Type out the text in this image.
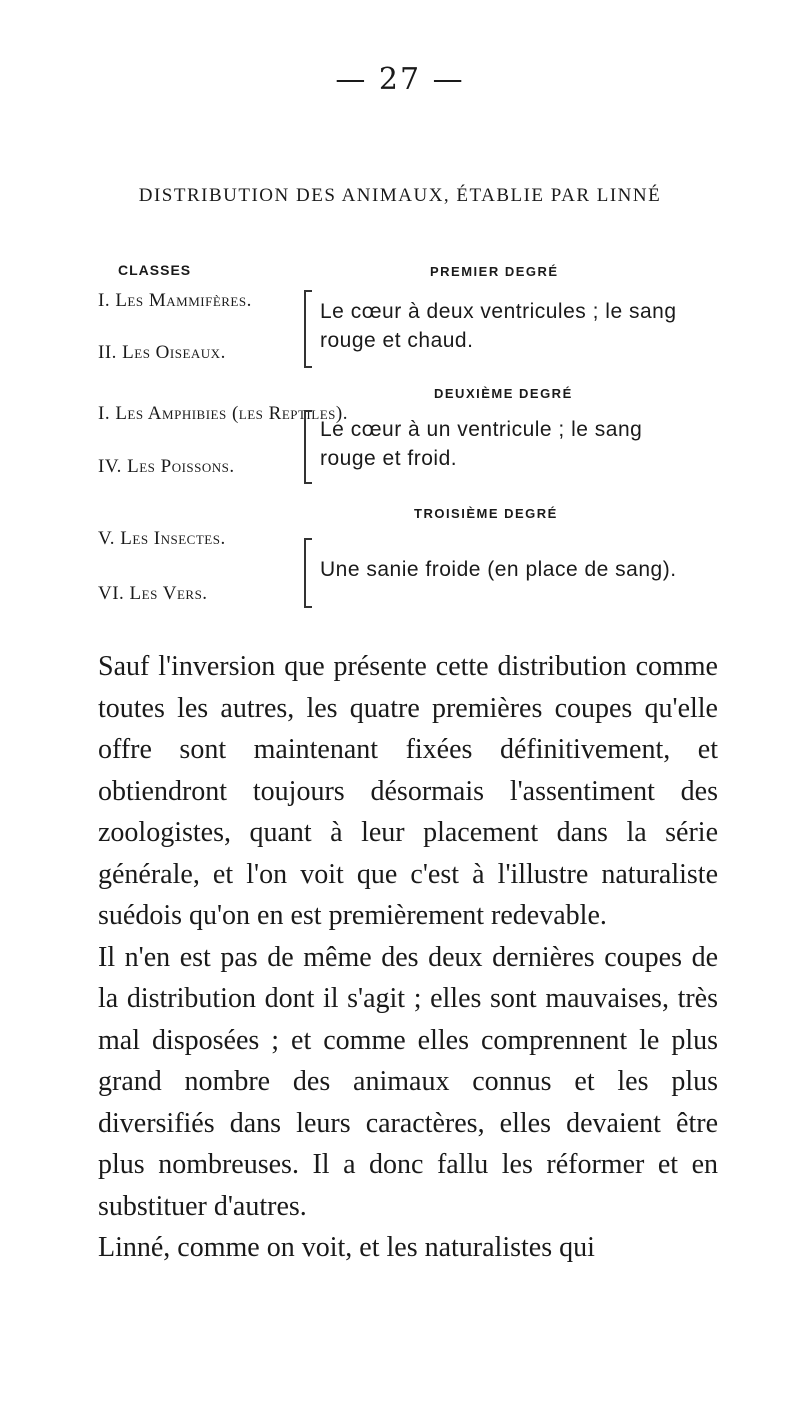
— 27 —
DISTRIBUTION DES ANIMAUX, ÉTABLIE PAR LINNÉ
CLASSES
I. Les Mammifères.
II. Les Oiseaux.
I. Les Amphibies (les Reptiles).
IV. Les Poissons.
V. Les Insectes.
VI. Les Vers.
PREMIER DEGRÉ
Le cœur à deux ventricules ; le sang
rouge et chaud.
DEUXIÈME DEGRÉ
Le cœur à un ventricule ; le sang
rouge et froid.
TROISIÈME DEGRÉ
Une sanie froide (en place de sang).

Sauf l'inversion que présente cette distribution comme toutes les autres, les quatre premières coupes qu'elle offre sont maintenant fixées définitivement, et obtiendront toujours désormais l'assentiment des zoologistes, quant à leur placement dans la série générale, et l'on voit que c'est à l'illustre naturaliste suédois qu'on en est premièrement redevable.

Il n'en est pas de même des deux dernières coupes de la distribution dont il s'agit ; elles sont mauvaises, très mal disposées ; et comme elles comprennent le plus grand nombre des animaux connus et les plus diversifiés dans leurs caractères, elles devaient être plus nombreuses. Il a donc fallu les réformer et en substituer d'autres.

Linné, comme on voit, et les naturalistes qui
